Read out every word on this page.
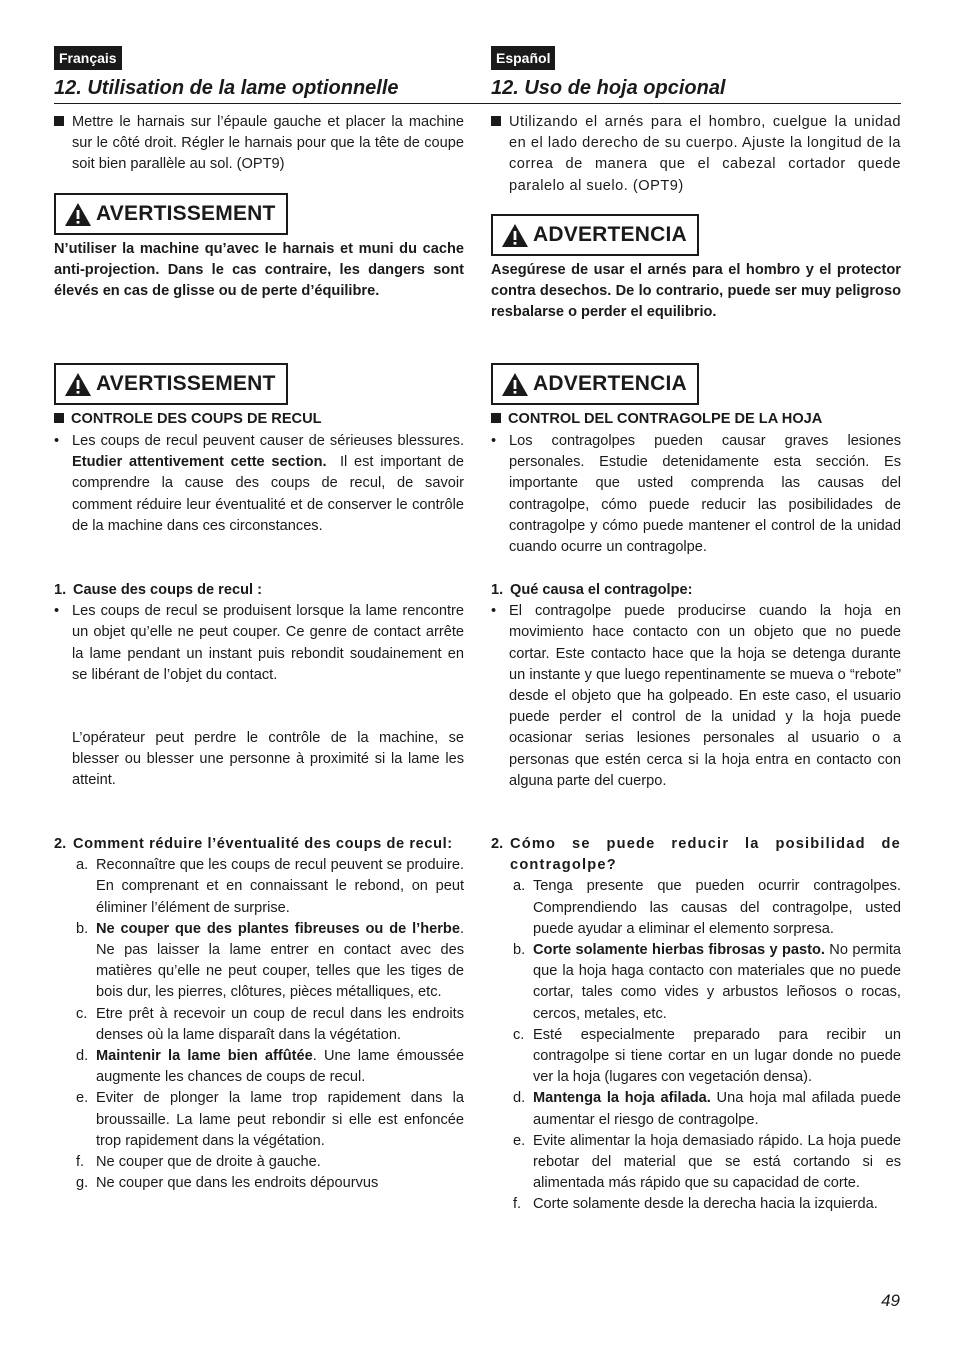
Français
12. Utilisation de la lame optionnelle
Mettre le harnais sur l’épaule gauche et placer la machine sur le côté droit. Régler le harnais pour que la tête de coupe soit bien parallèle au sol. (OPT9)
AVERTISSEMENT
N’utiliser la machine qu’avec le harnais et muni du cache anti-projection. Dans le cas contraire, les dangers sont élevés en cas de glisse ou de perte d’équilibre.
AVERTISSEMENT
CONTROLE DES COUPS DE RECUL
• Les coups de recul peuvent causer de sérieuses blessures. Etudier attentivement cette section. Il est important de comprendre la cause des coups de recul, de savoir comment réduire leur éventualité et de conserver le contrôle de la machine dans ces circonstances.
1. Cause des coups de recul :
• Les coups de recul se produisent lorsque la lame rencontre un objet qu’elle ne peut couper. Ce genre de contact arrête la lame pendant un instant puis rebondit soudainement en se libérant de l’objet du contact.
L’opérateur peut perdre le contrôle de la machine, se blesser ou blesser une personne à proximité si la lame les atteint.
2. Comment réduire l’éventualité des coups de recul:
a. Reconnaître que les coups de recul peuvent se produire. En comprenant et en connaissant le rebond, on peut éliminer l’élément de surprise.
b. Ne couper que des plantes fibreuses ou de l’herbe. Ne pas laisser la lame entrer en contact avec des matières qu’elle ne peut couper, telles que les tiges de bois dur, les pierres, clôtures, pièces métalliques, etc.
c. Etre prêt à recevoir un coup de recul dans les endroits denses où la lame disparaît dans la végétation.
d. Maintenir la lame bien affûtée. Une lame émoussée augmente les chances de coups de recul.
e. Eviter de plonger la lame trop rapidement dans la broussaille. La lame peut rebondir si elle est enfoncée trop rapidement dans la végétation.
f. Ne couper que de droite à gauche.
g. Ne couper que dans les endroits dépourvus
Español
12. Uso de hoja opcional
Utilizando el arnés para el hombro, cuelgue la unidad en el lado derecho de su cuerpo. Ajuste la longitud de la correa de manera que el cabezal cortador quede paralelo al suelo. (OPT9)
ADVERTENCIA
Asegúrese de usar el arnés para el hombro y el protector contra desechos. De lo contrario, puede ser muy peligroso resbalarse o perder el equilibrio.
ADVERTENCIA
CONTROL DEL CONTRAGOLPE DE LA HOJA
• Los contragolpes pueden causar graves lesiones personales. Estudie detenidamente esta sección. Es importante que usted comprenda las causas del contragolpe, cómo puede reducir las posibilidades de contragolpe y cómo puede mantener el control de la unidad cuando ocurre un contragolpe.
1. Qué causa el contragolpe:
• El contragolpe puede producirse cuando la hoja en movimiento hace contacto con un objeto que no puede cortar. Este contacto hace que la hoja se detenga durante un instante y que luego repentinamente se mueva o “rebote” desde el objeto que ha golpeado. En este caso, el usuario puede perder el control de la unidad y la hoja puede ocasionar serias lesiones personales al usuario o a personas que estén cerca si la hoja entra en contacto con alguna parte del cuerpo.
2. Cómo se puede reducir la posibilidad de contragolpe?
a. Tenga presente que pueden ocurrir contragolpes. Comprendiendo las causas del contragolpe, usted puede ayudar a eliminar el elemento sorpresa.
b. Corte solamente hierbas fibrosas y pasto. No permita que la hoja haga contacto con materiales que no puede cortar, tales como vides y arbustos leñosos o rocas, cercos, metales, etc.
c. Esté especialmente preparado para recibir un contragolpe si tiene cortar en un lugar donde no puede ver la hoja (lugares con vegetación densa).
d. Mantenga la hoja afilada. Una hoja mal afilada puede aumentar el riesgo de contragolpe.
e. Evite alimentar la hoja demasiado rápido. La hoja puede rebotar del material que se está cortando si es alimentada más rápido que su capacidad de corte.
f. Corte solamente desde la derecha hacia la izquierda.
49
